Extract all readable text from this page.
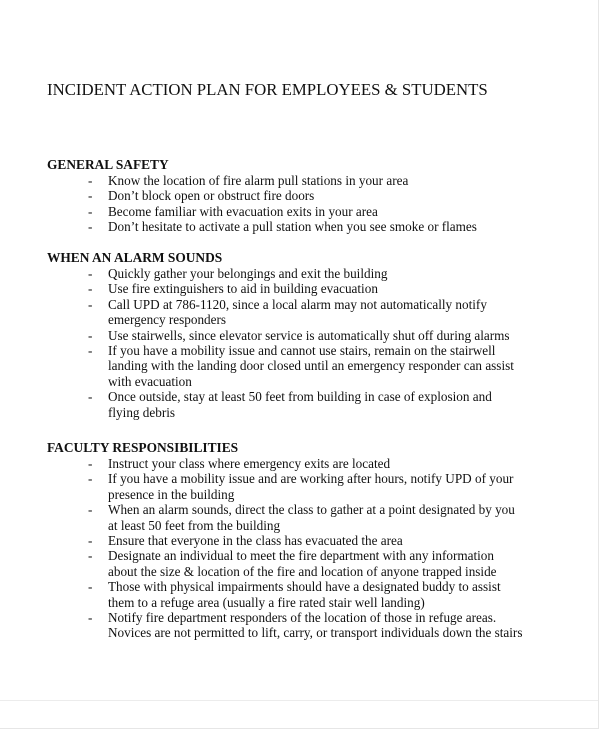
INCIDENT ACTION PLAN FOR EMPLOYEES & STUDENTS
GENERAL SAFETY
- Know the location of fire alarm pull stations in your area
- Don’t block open or obstruct fire doors
- Become familiar with evacuation exits in your area
- Don’t hesitate to activate a pull station when you see smoke or flames
WHEN AN ALARM SOUNDS
- Quickly gather your belongings and exit the building
- Use fire extinguishers to aid in building evacuation
- Call UPD at 786-1120, since a local alarm may not automatically notify
emergency responders
- Use stairwells, since elevator service is automatically shut off during alarms
- If you have a mobility issue and cannot use stairs, remain on the stairwell
landing with the landing door closed until an emergency responder can assist
with evacuation
- Once outside, stay at least 50 feet from building in case of explosion and
flying debris
FACULTY RESPONSIBILITIES
- Instruct your class where emergency exits are located
- If you have a mobility issue and are working after hours, notify UPD of your
presence in the building
- When an alarm sounds, direct the class to gather at a point designated by you
at least 50 feet from the building
- Ensure that everyone in the class has evacuated the area
- Designate an individual to meet the fire department with any information
about the size & location of the fire and location of anyone trapped inside
- Those with physical impairments should have a designated buddy to assist
them to a refuge area (usually a fire rated stair well landing)
- Notify fire department responders of the location of those in refuge areas.
Novices are not permitted to lift, carry, or transport individuals down the stairs
